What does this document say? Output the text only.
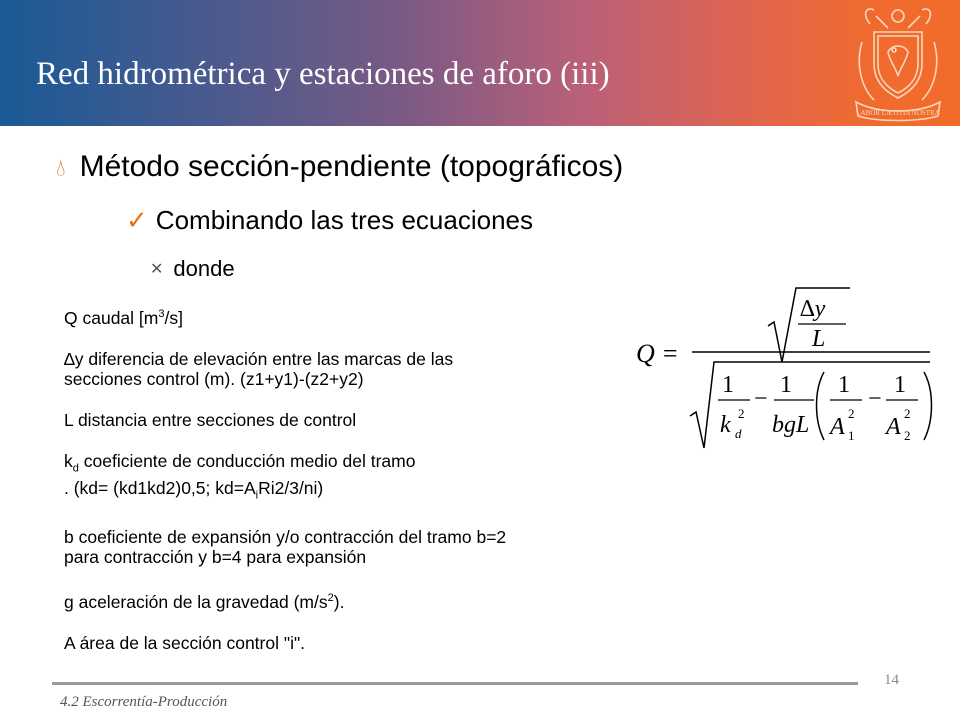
Red hidrométrica y estaciones de aforo (iii)
LABOR LÆTITIA NOSTRA
💧︎ Método sección-pendiente (topográficos)
✓ Combinando las tres ecuaciones
✕ donde

Q caudal $[m^3/s]$

∆y diferencia de elevación entre las marcas de las

secciones control (m). (z1+y1)-(z2+y2)

L distancia entre secciones de control

$k_d$ coeficiente de conducción medio del tramo

. (kd= (kd1kd2)0,5; $kd=A_iRi2/3/ni$)

b coeficiente de expansión y/o contracción del tramo b=2

para contracción y b=4 para expansión

g aceleración de la gravedad $(m/s^2)$.

A área de la sección control "i".

Q =
∆y
L
1
k d
2
−
1
bgL
1
A
2
1
−
1
A
2
2
14
4.2 Escorrentía-Producción
